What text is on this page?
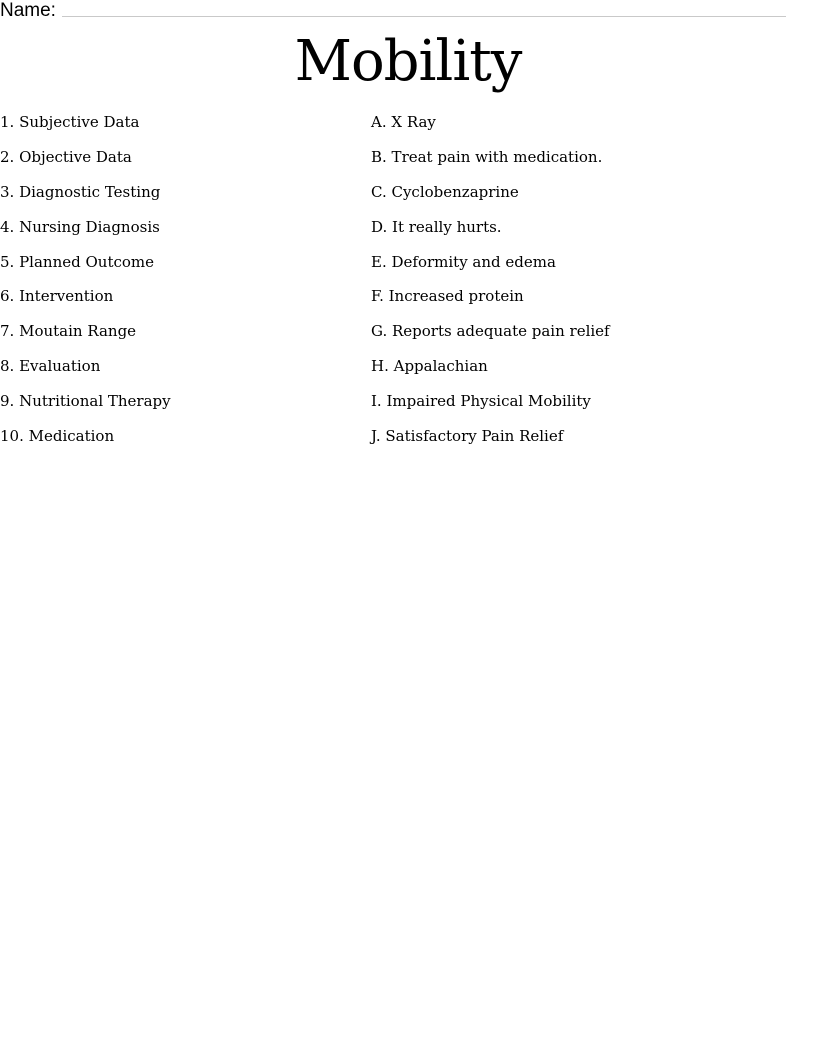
Name:
Mobility
1. Subjective Data
2. Objective Data
3. Diagnostic Testing
4. Nursing Diagnosis
5. Planned Outcome
6. Intervention
7. Moutain Range
8. Evaluation
9. Nutritional Therapy
10. Medication
A. X Ray
B. Treat pain with medication.
C. Cyclobenzaprine
D. It really hurts.
E. Deformity and edema
F. Increased protein
G. Reports adequate pain relief
H. Appalachian
I. Impaired Physical Mobility
J. Satisfactory Pain Relief
